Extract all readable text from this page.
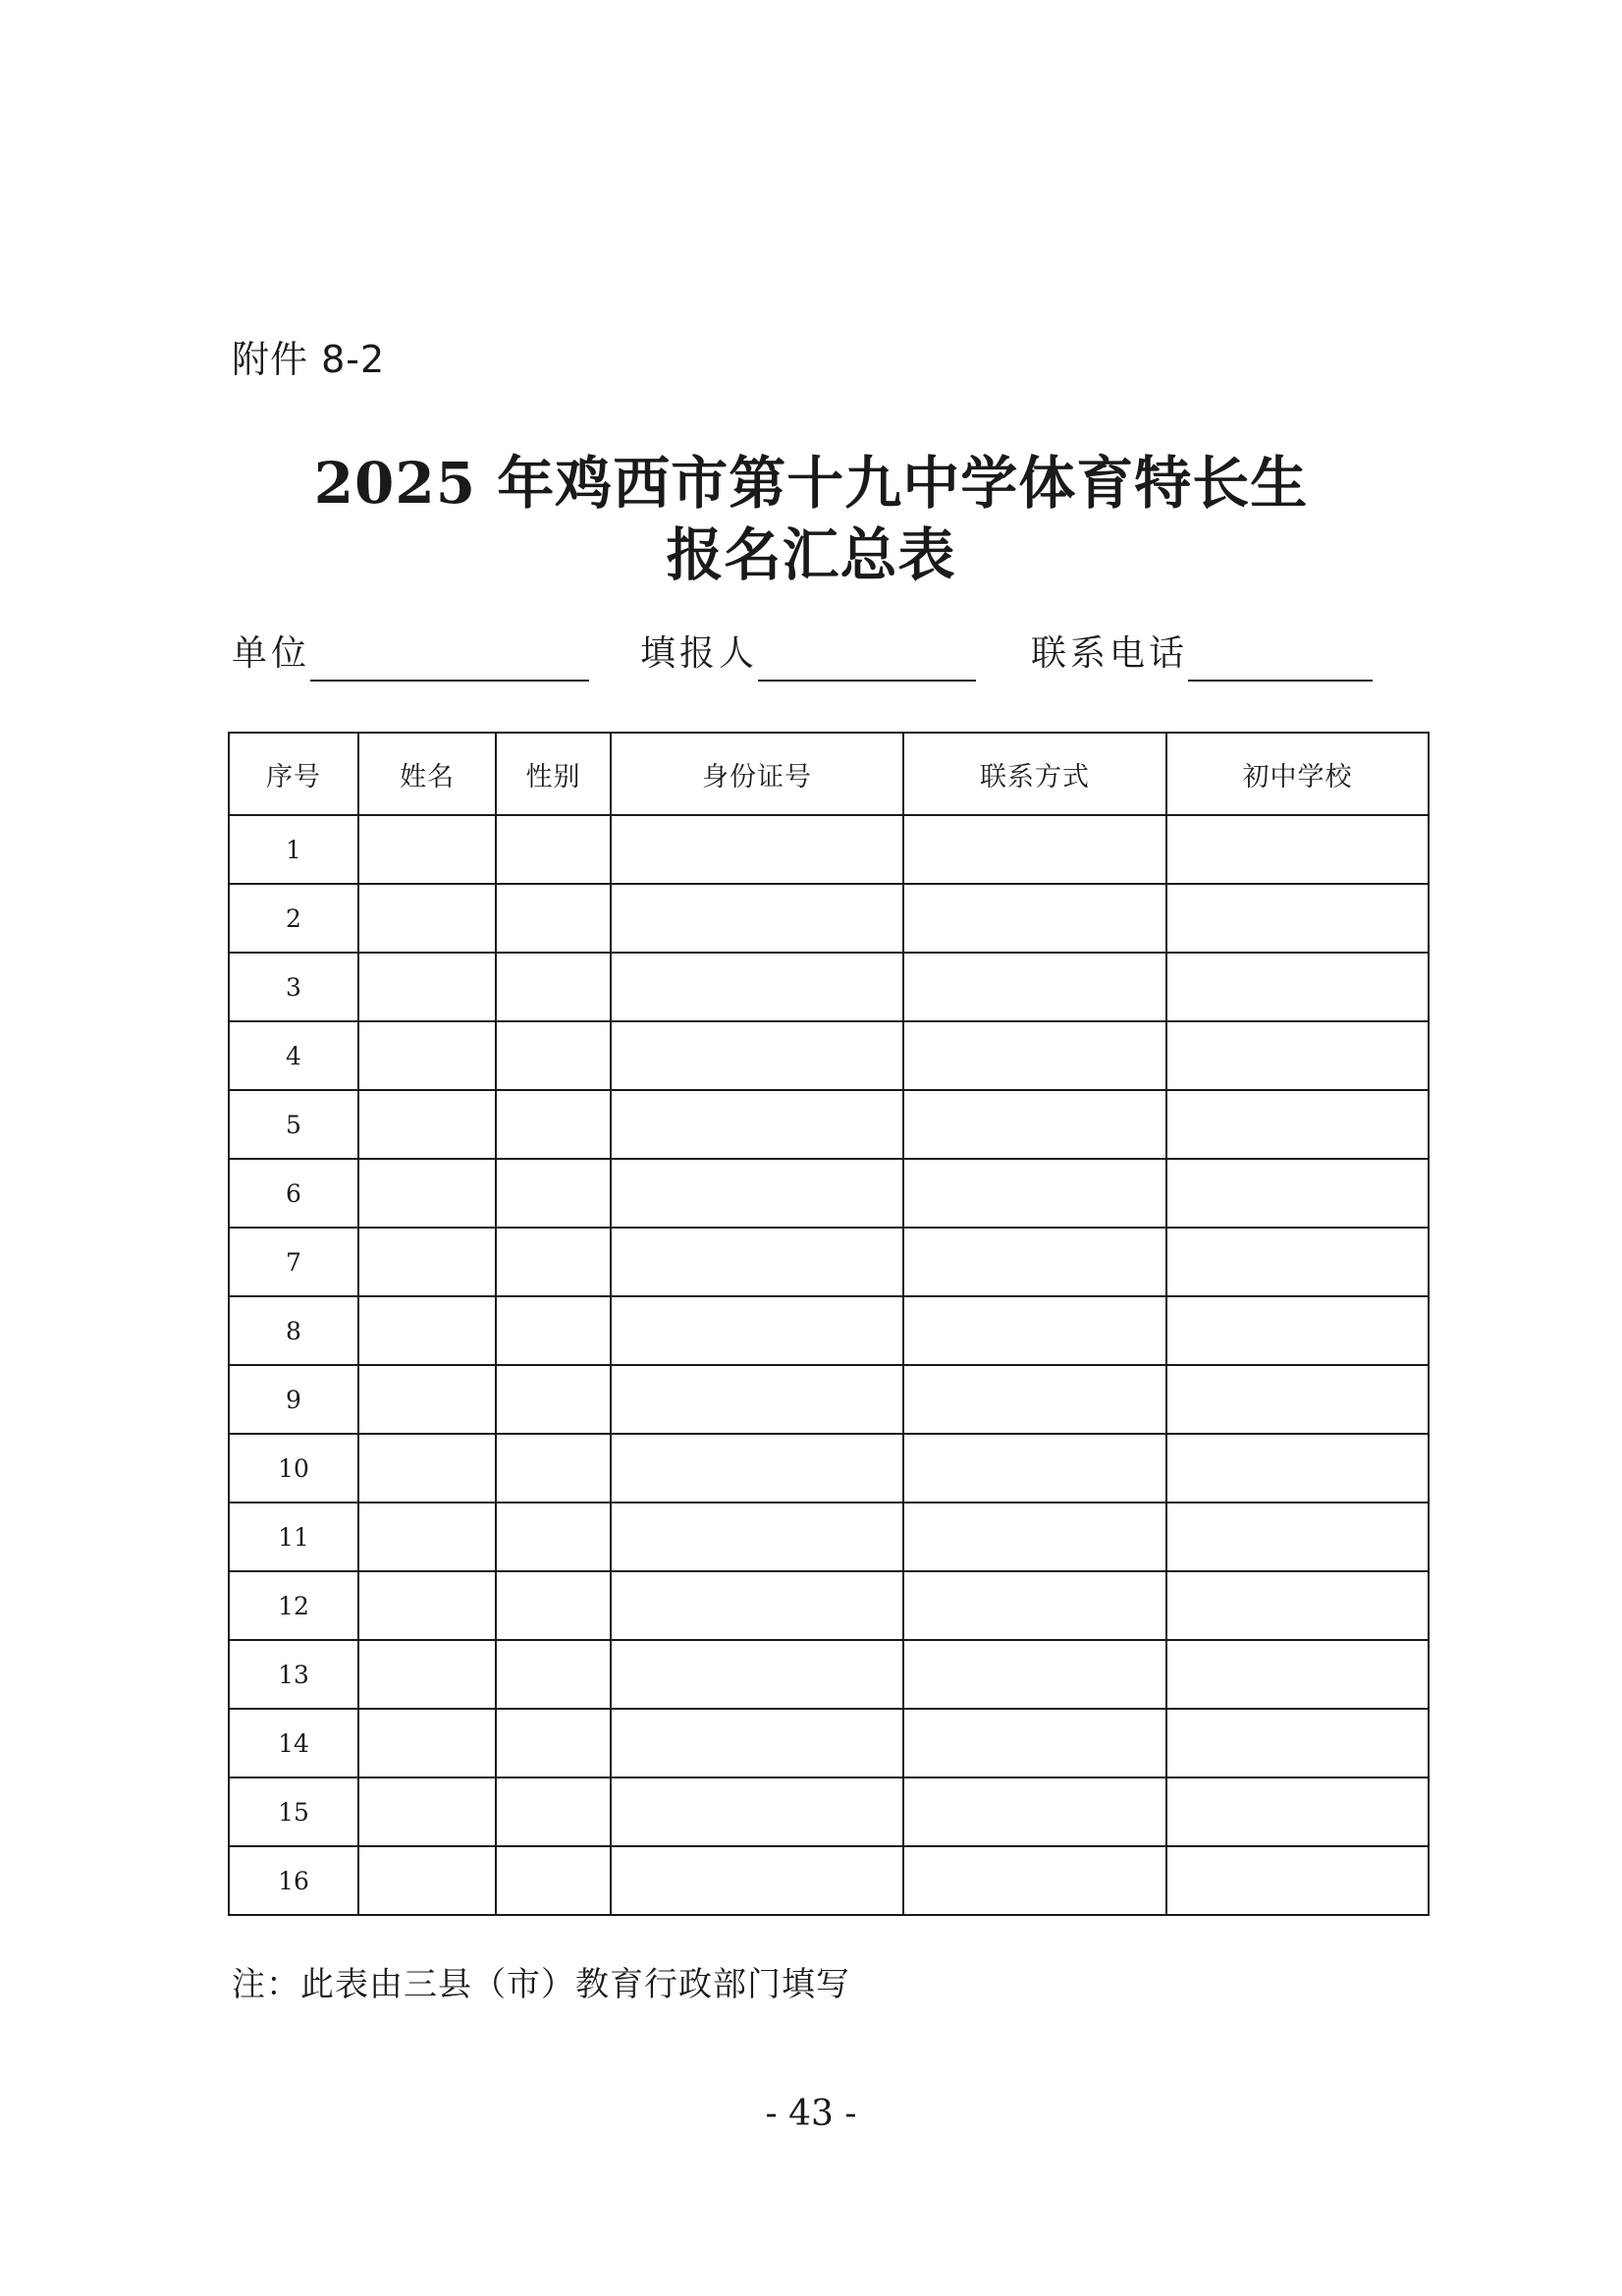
附件 8-2
2025 年鸡西市第十九中学体育特长生
报名汇总表
单位	填报人	联系电话
序号	姓名	性别	身份证号	联系方式	初中学校
1					
2					
3					
4					
5					
6					
7					
8					
9					
10					
11					
12					
13					
14					
15					
16					
注：此表由三县（市）教育行政部门填写
- 43 -
